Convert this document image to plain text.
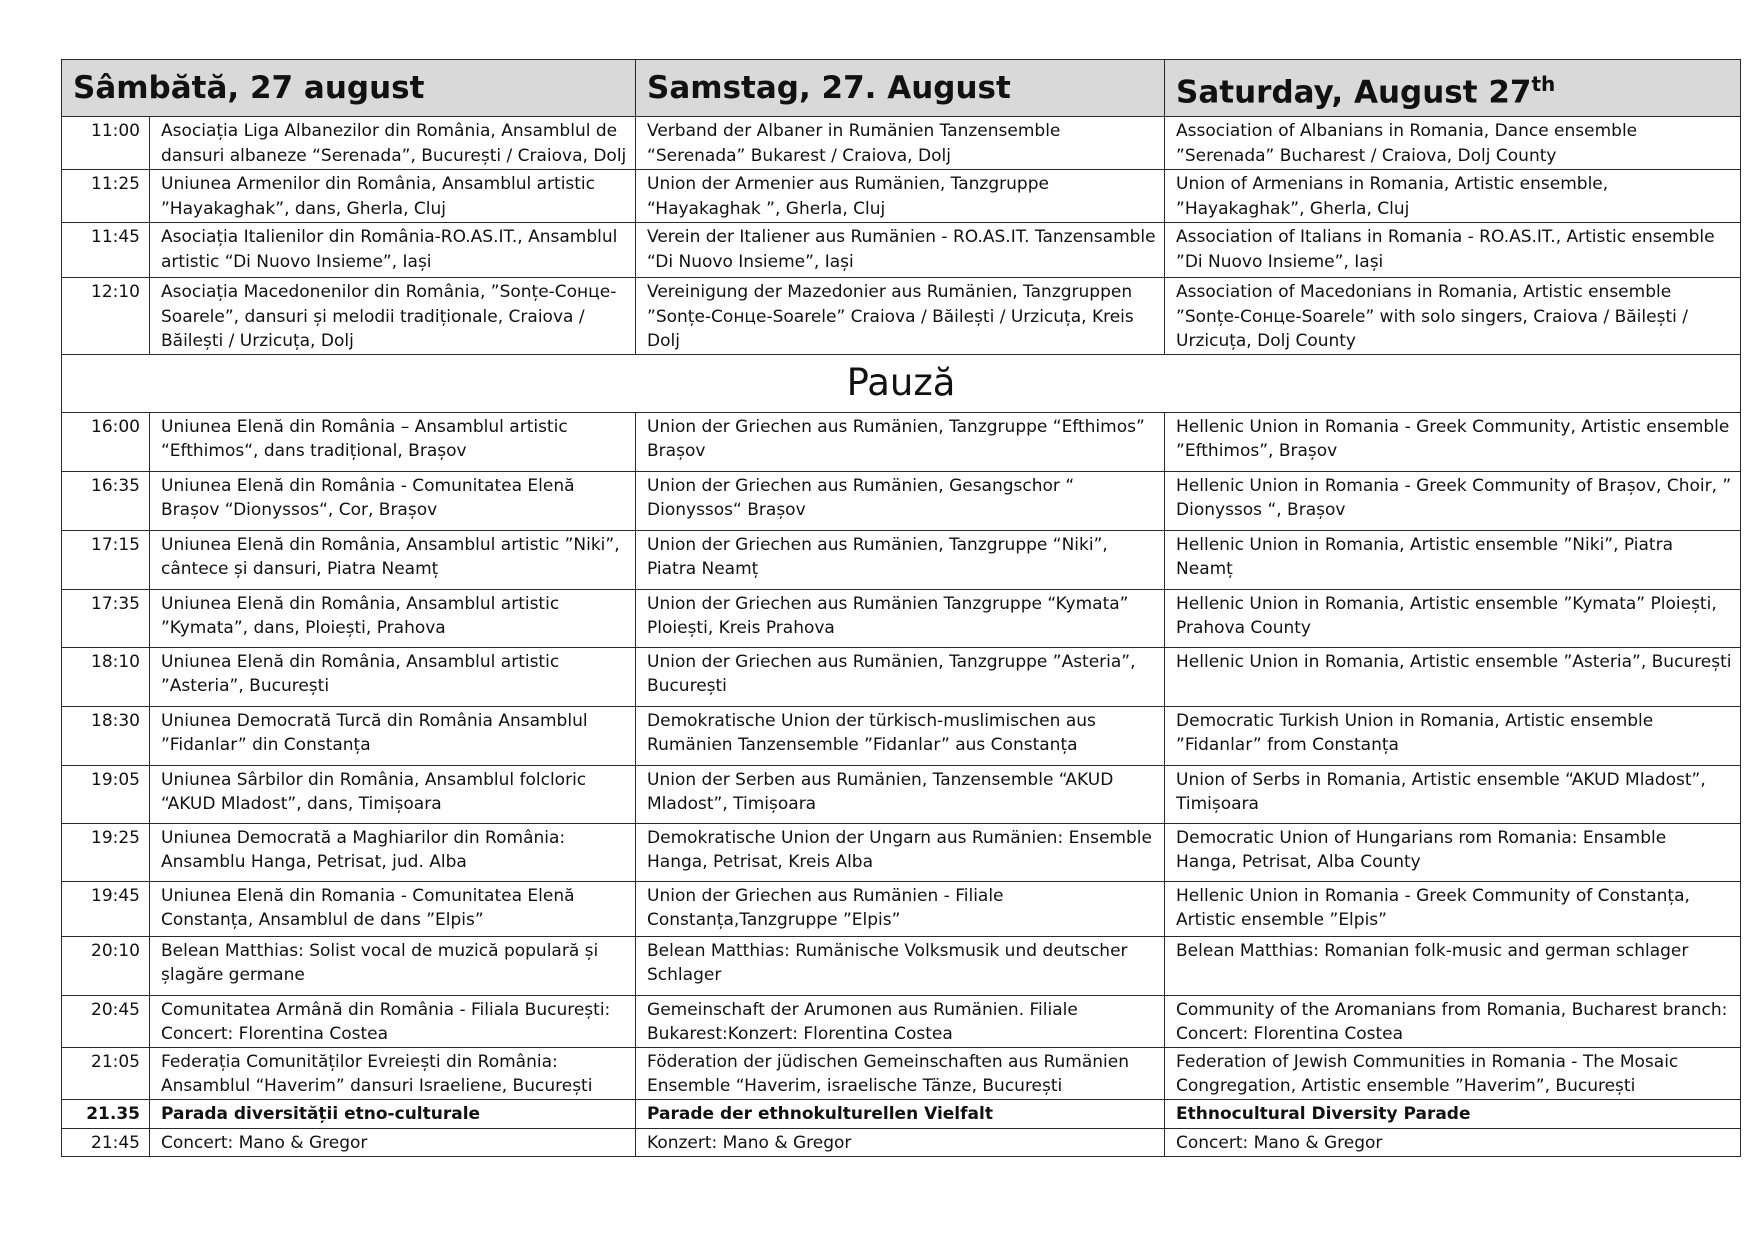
Sâmbătă, 27 august		Samstag, 27. August	Saturday, August 27th
11:00	Asociația Liga Albanezilor din România, Ansamblul de dansuri albaneze “Serenada”, București / Craiova, Dolj	Verband der Albaner in Rumänien Tanzensemble “Serenada” Bukarest / Craiova, Dolj	Association of Albanians in Romania, Dance ensemble ”Serenada” Bucharest / Craiova, Dolj County
11:25	Uniunea Armenilor din România, Ansamblul artistic ”Hayakaghak”, dans, Gherla, Cluj	Union der Armenier aus Rumänien, Tanzgruppe “Hayakaghak ”, Gherla, Cluj	Union of Armenians in Romania, Artistic ensemble, ”Hayakaghak”, Gherla, Cluj
11:45	Asociația Italienilor din România-RO.AS.IT., Ansamblul artistic “Di Nuovo Insieme”, Iași	Verein der Italiener aus Rumänien - RO.AS.IT. Tanzensamble “Di Nuovo Insieme”, Iași	Association of Italians in Romania - RO.AS.IT., Artistic ensemble ”Di Nuovo Insieme”, Iași
12:10	Asociația Macedonenilor din România, ”Sonțe-Сонце-Soarele”, dansuri și melodii tradiționale, Craiova / Băilești / Urzicuța, Dolj	Vereinigung der Mazedonier aus Rumänien, Tanzgruppen ”Sonțe-Сонце-Soarele” Craiova / Băilești / Urzicuța, Kreis Dolj	Association of Macedonians in Romania, Artistic ensemble ”Sonțe-Сонце-Soarele” with solo singers, Craiova / Băilești / Urzicuța, Dolj County
Pauză			
16:00	Uniunea Elenă din România – Ansamblul artistic “Efthimos“, dans tradițional, Brașov	Union der Griechen aus Rumänien, Tanzgruppe “Efthimos” Brașov	Hellenic Union in Romania - Greek Community, Artistic ensemble ”Efthimos”, Brașov
16:35	Uniunea Elenă din România - Comunitatea Elenă Brașov “Dionyssos“, Cor, Brașov	Union der Griechen aus Rumänien, Gesangschor “ Dionyssos“ Brașov	Hellenic Union in Romania - Greek Community of Brașov, Choir, ” Dionyssos “, Brașov
17:15	Uniunea Elenă din România, Ansamblul artistic ”Niki”, cântece și dansuri, Piatra Neamț	Union der Griechen aus Rumänien, Tanzgruppe “Niki”, Piatra Neamț	Hellenic Union in Romania, Artistic ensemble ”Niki”, Piatra Neamț
17:35	Uniunea Elenă din România, Ansamblul artistic ”Kymata”, dans, Ploiești, Prahova	Union der Griechen aus Rumänien Tanzgruppe “Kymata” Ploiești, Kreis Prahova	Hellenic Union in Romania, Artistic ensemble ”Kymata” Ploiești, Prahova County
18:10	Uniunea Elenă din România, Ansamblul artistic ”Asteria”, București	Union der Griechen aus Rumänien, Tanzgruppe ”Asteria”, București	Hellenic Union in Romania, Artistic ensemble ”Asteria”, București
18:30	Uniunea Democrată Turcă din România Ansamblul ”Fidanlar” din Constanța	Demokratische Union der türkisch-muslimischen aus Rumänien Tanzensemble ”Fidanlar” aus Constanța	Democratic Turkish Union in Romania, Artistic ensemble ”Fidanlar” from Constanța
19:05	Uniunea Sârbilor din România, Ansamblul folcloric “AKUD Mladost”, dans, Timișoara	Union der Serben aus Rumänien, Tanzensemble “AKUD Mladost”, Timișoara	Union of Serbs in Romania, Artistic ensemble “AKUD Mladost”, Timișoara
19:25	Uniunea Democrată a Maghiarilor din România: Ansamblu Hanga, Petrisat, jud. Alba	Demokratische Union der Ungarn aus Rumänien: Ensemble Hanga, Petrisat, Kreis Alba	Democratic Union of Hungarians rom Romania: Ensamble Hanga, Petrisat, Alba County
19:45	Uniunea Elenă din Romania - Comunitatea Elenă Constanța, Ansamblul de dans ”Elpis”	Union der Griechen aus Rumänien - Filiale Constanța,Tanzgruppe ”Elpis”	Hellenic Union in Romania - Greek Community of Constanța, Artistic ensemble ”Elpis”
20:10	Belean Matthias: Solist vocal de muzică populară și șlagăre germane	Belean Matthias: Rumänische Volksmusik und deutscher Schlager	Belean Matthias: Romanian folk-music and german schlager
20:45	Comunitatea Armână din România - Filiala București: Concert: Florentina Costea	Gemeinschaft der Arumonen aus Rumänien. Filiale Bukarest:Konzert: Florentina Costea	Community of the Aromanians from Romania, Bucharest branch: Concert: Florentina Costea
21:05	Federația Comunităților Evreiești din România: Ansamblul “Haverim” dansuri Israeliene, București	Föderation der jüdischen Gemeinschaften aus Rumänien Ensemble “Haverim, israelische Tänze, București	Federation of Jewish Communities in Romania - The Mosaic Congregation, Artistic ensemble ”Haverim”, București
21.35	Parada diversității etno-culturale	Parade der ethnokulturellen Vielfalt	Ethnocultural Diversity Parade
21:45	Concert: Mano & Gregor	Konzert: Mano & Gregor	Concert: Mano & Gregor
